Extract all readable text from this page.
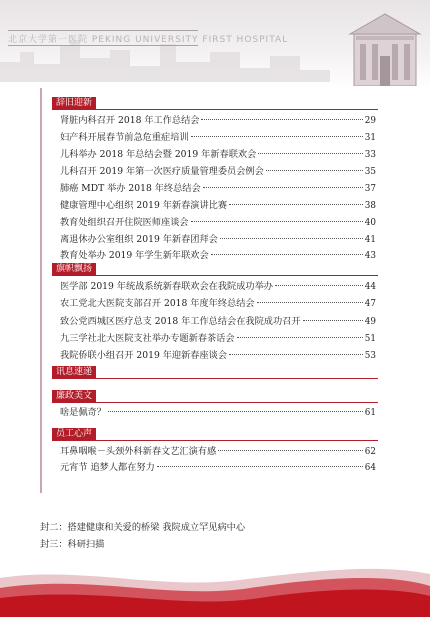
北京大学第一医院 PEKING UNIVERSITY FIRST HOSPITAL
辞旧迎新
肾脏内科召开 2018 年工作总结会	29
妇产科开展春节前急危重症培训	31
儿科举办 2018 年总结会暨 2019 年新春联欢会	33
儿科召开 2019 年第一次医疗质量管理委员会例会	35
肺癌 MDT 举办 2018 年终总结会	37
健康管理中心组织 2019 年新春演讲比赛	38
教育处组织召开住院医师座谈会	40
离退休办公室组织 2019 年新春团拜会	41
教育处举办 2019 年学生新年联欢会	43
旗帜飘扬
医学部 2019 年统战系统新春联欢会在我院成功举办	44
农工党北大医院支部召开 2018 年度年终总结会	47
致公党西城区医疗总支 2018 年工作总结会在我院成功召开	49
九三学社北大医院支社举办专题新春茶话会	51
我院侨联小组召开 2019 年迎新春座谈会	53
讯息速递
廉政美文
啥是佩奇？	61
员工心声
耳鼻咽喉－头颈外科新春文艺汇演有感	62
元宵节 追梦人都在努力	64
封二：搭建健康和关爱的桥梁 我院成立罕见病中心
封三：科研扫描
